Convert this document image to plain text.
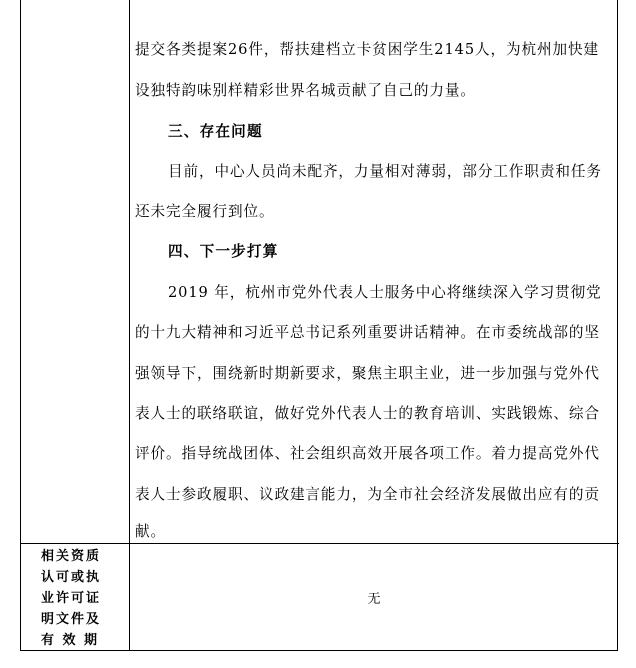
提交各类提案26件，帮扶建档立卡贫困学生2145人，为杭州加快建
设独特韵味别样精彩世界名城贡献了自己的力量。
三、存在问题
目前，中心人员尚未配齐，力量相对薄弱，部分工作职责和任务
还未完全履行到位。
四、下一步打算
2019 年，杭州市党外代表人士服务中心将继续深入学习贯彻党
的十九大精神和习近平总书记系列重要讲话精神。在市委统战部的坚
强领导下，围绕新时期新要求，聚焦主职主业，进一步加强与党外代
表人士的联络联谊，做好党外代表人士的教育培训、实践锻炼、综合
评价。指导统战团体、社会组织高效开展各项工作。着力提高党外代
表人士参政履职、议政建言能力，为全市社会经济发展做出应有的贡
献。
相关资质
认可或执
业许可证
明文件及
有 效 期
无
